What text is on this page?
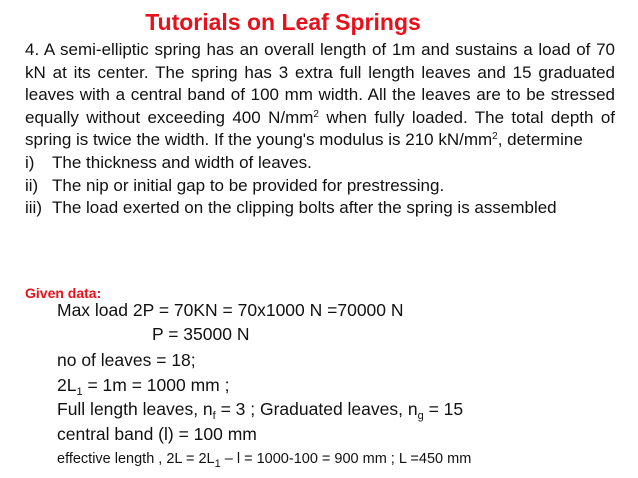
Tutorials on Leaf Springs

4. A semi-elliptic spring has an overall length of 1m and sustains a load of 70 kN at its center. The spring has 3 extra full length leaves and 15 graduated leaves with a central band of 100 mm width. All the leaves are to be stressed equally without exceeding 400 $N/mm^2$ when fully loaded. The total depth of spring is twice the width. If the young's modulus is 210 $kN/mm^2$, determine

i) The thickness and width of leaves.
ii) The nip or initial gap to be provided for prestressing.
iii) The load exerted on the clipping bolts after the spring is assembled
Given data:
Max load 2P = 70KN = 70x1000 N =70000 N
P = 35000 N
no of leaves = 18;
$2L_1 = 1m = 1000$ mm ;
Full length leaves, $n_f = 3$ ; Graduated leaves, $n_g = 15$
central band (l) = 100 mm
effective length , $2L = 2L_1 - l = 1000-100 = 900$ mm ; L =450 mm
